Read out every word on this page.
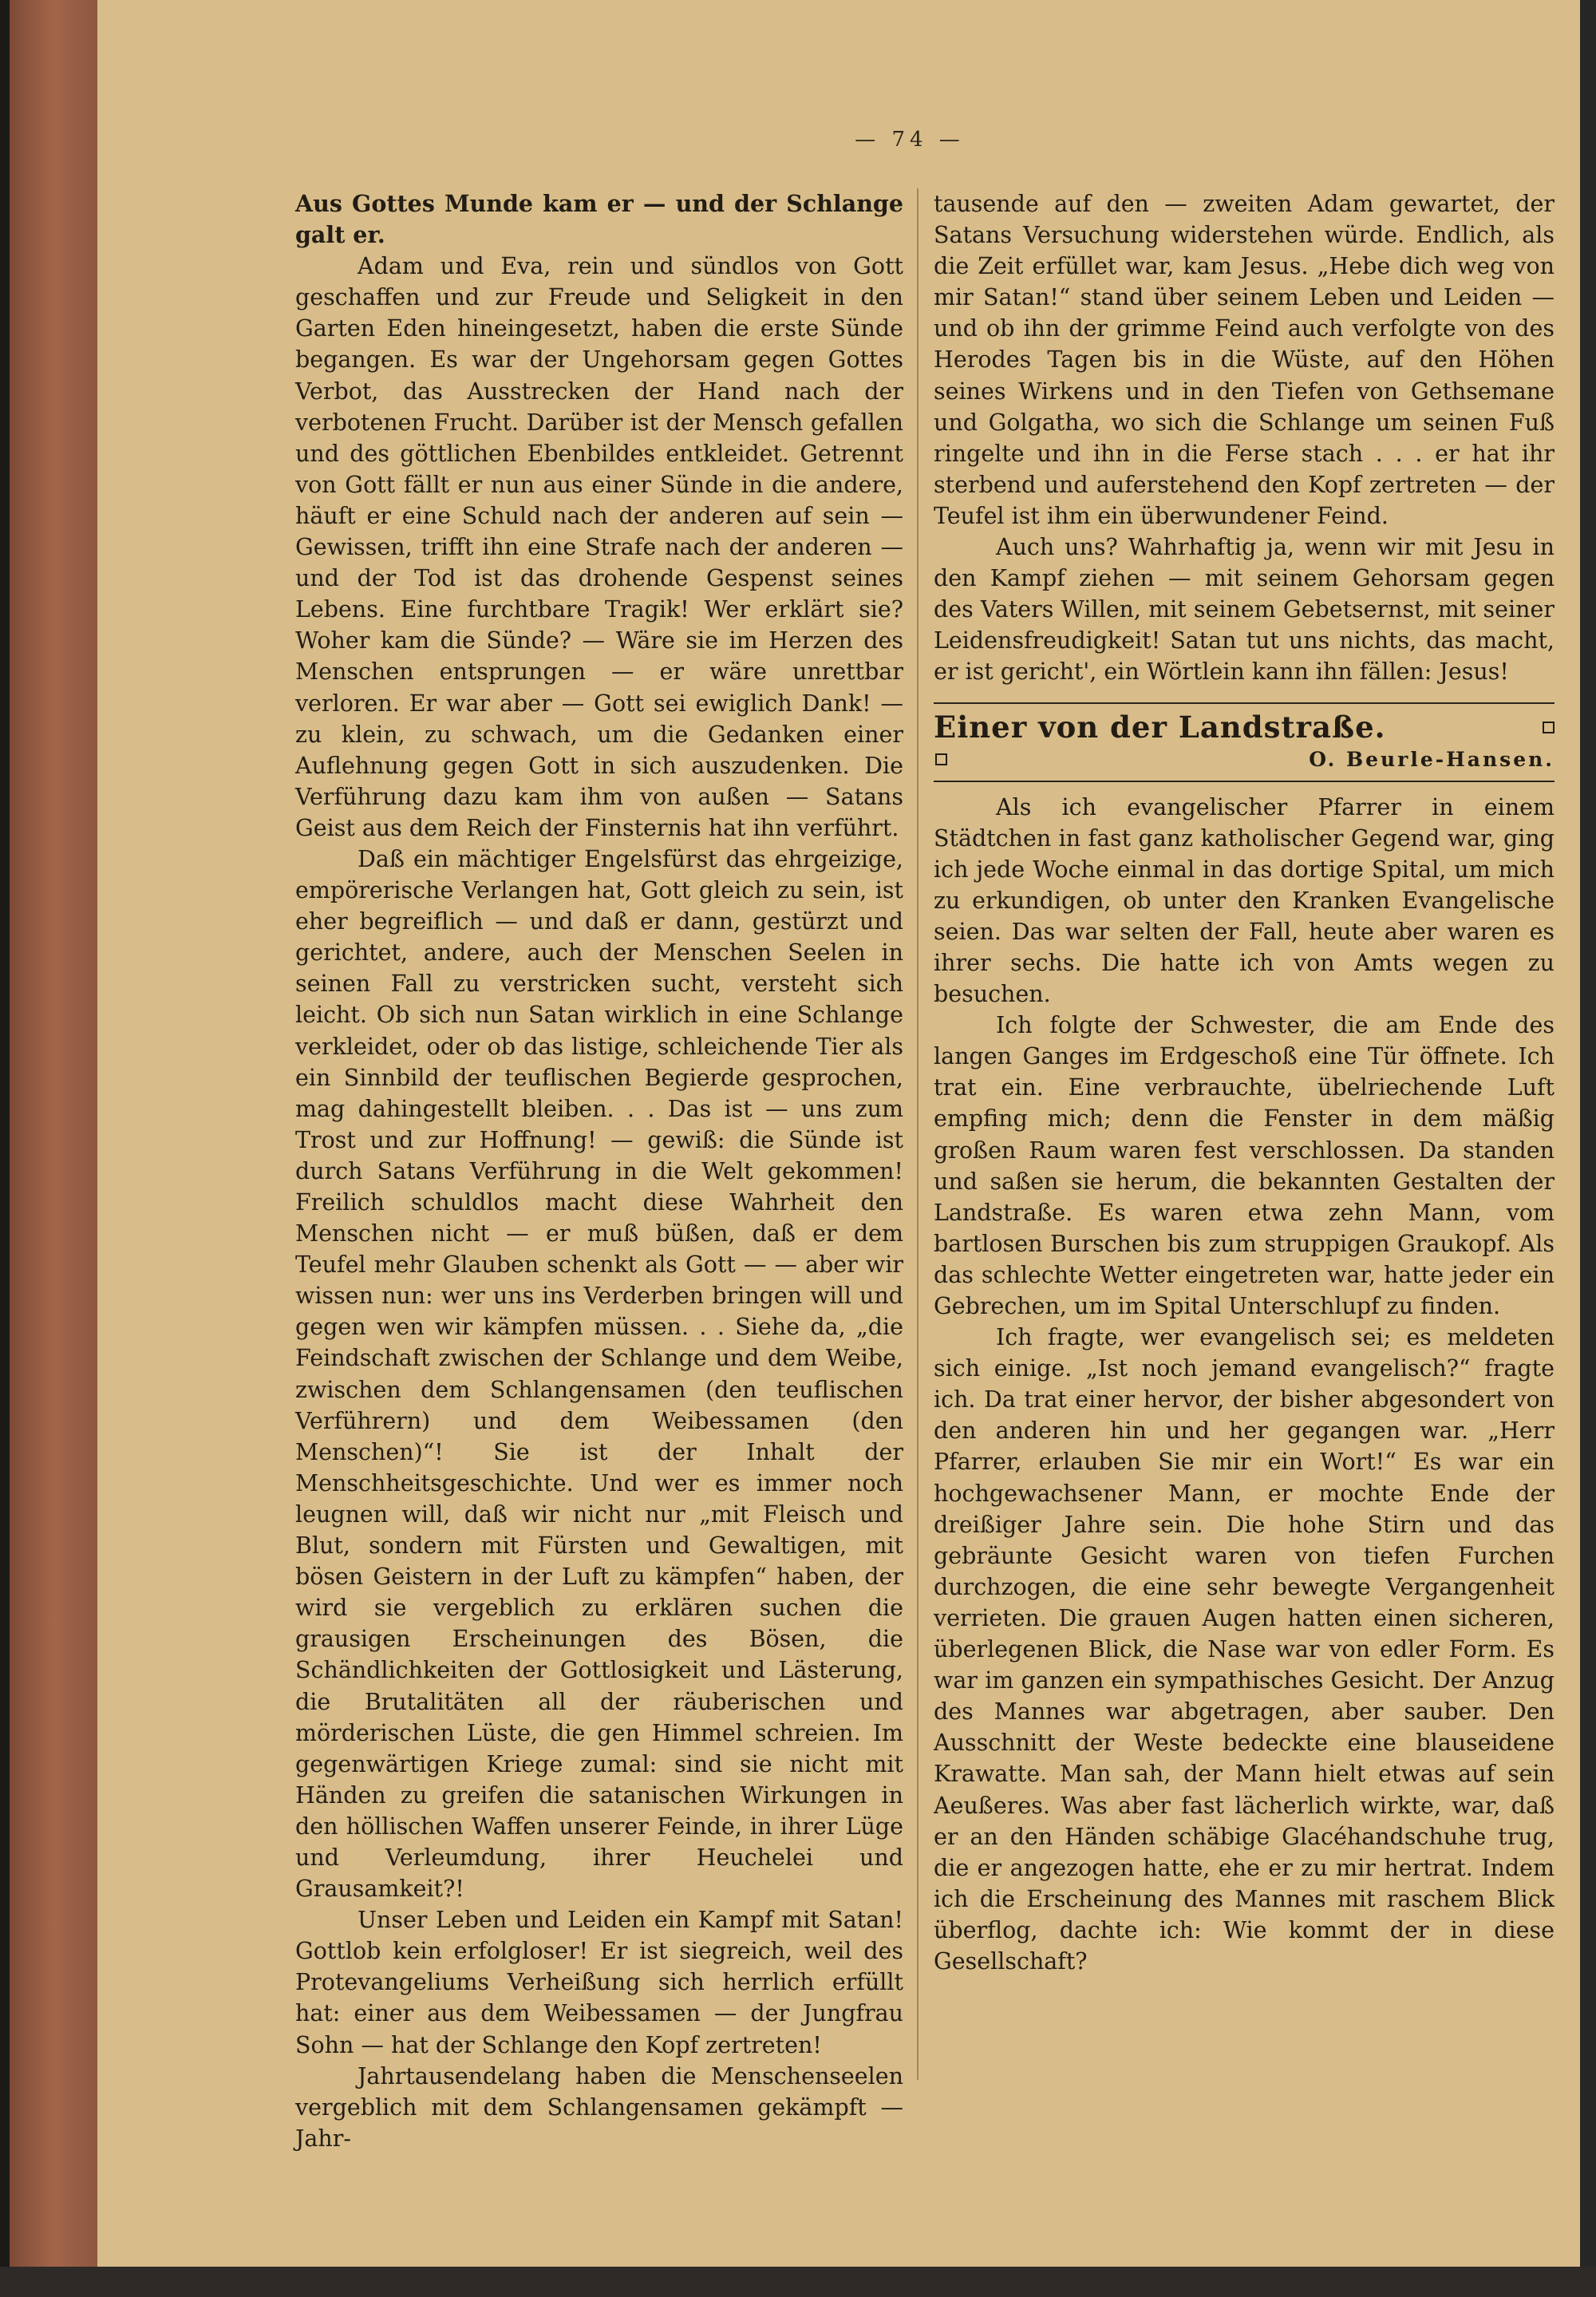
— 74 —

Aus Gottes Munde kam er — und der Schlange galt er.

Adam und Eva, rein und sündlos von Gott geschaffen und zur Freude und Seligkeit in den Garten Eden hineingesetzt, haben die erste Sünde begangen. Es war der Ungehorsam gegen Gottes Verbot, das Ausstrecken der Hand nach der verbotenen Frucht. Darüber ist der Mensch gefallen und des göttlichen Ebenbildes entkleidet. Getrennt von Gott fällt er nun aus einer Sünde in die andere, häuft er eine Schuld nach der anderen auf sein — Gewissen, trifft ihn eine Strafe nach der anderen — und der Tod ist das drohende Gespenst seines Lebens. Eine furchtbare Tragik! Wer erklärt sie? Woher kam die Sünde? — Wäre sie im Herzen des Menschen entsprungen — er wäre unrettbar verloren. Er war aber — Gott sei ewiglich Dank! — zu klein, zu schwach, um die Gedanken einer Auflehnung gegen Gott in sich auszudenken. Die Verführung dazu kam ihm von außen — Satans Geist aus dem Reich der Finsternis hat ihn verführt.

Daß ein mächtiger Engelsfürst das ehrgeizige, empörerische Verlangen hat, Gott gleich zu sein, ist eher begreiflich — und daß er dann, gestürzt und gerichtet, andere, auch der Menschen Seelen in seinen Fall zu verstricken sucht, versteht sich leicht. Ob sich nun Satan wirklich in eine Schlange verkleidet, oder ob das listige, schleichende Tier als ein Sinnbild der teuflischen Begierde gesprochen, mag dahingestellt bleiben. . . Das ist — uns zum Trost und zur Hoffnung! — gewiß: die Sünde ist durch Satans Verführung in die Welt gekommen! Freilich schuldlos macht diese Wahrheit den Menschen nicht — er muß büßen, daß er dem Teufel mehr Glauben schenkt als Gott — — aber wir wissen nun: wer uns ins Verderben bringen will und gegen wen wir kämpfen müssen. . . Siehe da, „die Feindschaft zwischen der Schlange und dem Weibe, zwischen dem Schlangensamen (den teuflischen Verführern) und dem Weibessamen (den Menschen)“! Sie ist der Inhalt der Menschheitsgeschichte. Und wer es immer noch leugnen will, daß wir nicht nur „mit Fleisch und Blut, sondern mit Fürsten und Gewaltigen, mit bösen Geistern in der Luft zu kämpfen“ haben, der wird sie vergeblich zu erklären suchen die grausigen Erscheinungen des Bösen, die Schändlichkeiten der Gottlosigkeit und Lästerung, die Brutalitäten all der räuberischen und mörderischen Lüste, die gen Himmel schreien. Im gegenwärtigen Kriege zumal: sind sie nicht mit Händen zu greifen die satanischen Wirkungen in den höllischen Waffen unserer Feinde, in ihrer Lüge und Verleumdung, ihrer Heuchelei und Grausamkeit?!

Unser Leben und Leiden ein Kampf mit Satan! Gottlob kein erfolgloser! Er ist siegreich, weil des Protevangeliums Verheißung sich herrlich erfüllt hat: einer aus dem Weibessamen — der Jungfrau Sohn — hat der Schlange den Kopf zertreten!

Jahrtausendelang haben die Menschenseelen vergeblich mit dem Schlangensamen gekämpft — Jahr-

tausende auf den — zweiten Adam gewartet, der Satans Versuchung widerstehen würde. Endlich, als die Zeit erfüllet war, kam Jesus. „Hebe dich weg von mir Satan!“ stand über seinem Leben und Leiden — und ob ihn der grimme Feind auch verfolgte von des Herodes Tagen bis in die Wüste, auf den Höhen seines Wirkens und in den Tiefen von Gethsemane und Golgatha, wo sich die Schlange um seinen Fuß ringelte und ihn in die Ferse stach . . . er hat ihr sterbend und auferstehend den Kopf zertreten — der Teufel ist ihm ein überwundener Feind.

Auch uns? Wahrhaftig ja, wenn wir mit Jesu in den Kampf ziehen — mit seinem Gehorsam gegen des Vaters Willen, mit seinem Gebetsernst, mit seiner Leidensfreudigkeit! Satan tut uns nichts, das macht, er ist gericht', ein Wörtlein kann ihn fällen: Jesus!

Einer von der Landstraße.
O. Beurle-Hansen.

Als ich evangelischer Pfarrer in einem Städtchen in fast ganz katholischer Gegend war, ging ich jede Woche einmal in das dortige Spital, um mich zu erkundigen, ob unter den Kranken Evangelische seien. Das war selten der Fall, heute aber waren es ihrer sechs. Die hatte ich von Amts wegen zu besuchen.

Ich folgte der Schwester, die am Ende des langen Ganges im Erdgeschoß eine Tür öffnete. Ich trat ein. Eine verbrauchte, übelriechende Luft empfing mich; denn die Fenster in dem mäßig großen Raum waren fest verschlossen. Da standen und saßen sie herum, die bekannten Gestalten der Landstraße. Es waren etwa zehn Mann, vom bartlosen Burschen bis zum struppigen Graukopf. Als das schlechte Wetter eingetreten war, hatte jeder ein Gebrechen, um im Spital Unterschlupf zu finden.

Ich fragte, wer evangelisch sei; es meldeten sich einige. „Ist noch jemand evangelisch?“ fragte ich. Da trat einer hervor, der bisher abgesondert von den anderen hin und her gegangen war. „Herr Pfarrer, erlauben Sie mir ein Wort!“ Es war ein hochgewachsener Mann, er mochte Ende der dreißiger Jahre sein. Die hohe Stirn und das gebräunte Gesicht waren von tiefen Furchen durchzogen, die eine sehr bewegte Vergangenheit verrieten. Die grauen Augen hatten einen sicheren, überlegenen Blick, die Nase war von edler Form. Es war im ganzen ein sympathisches Gesicht. Der Anzug des Mannes war abgetragen, aber sauber. Den Ausschnitt der Weste bedeckte eine blauseidene Krawatte. Man sah, der Mann hielt etwas auf sein Aeußeres. Was aber fast lächerlich wirkte, war, daß er an den Händen schäbige Glacéhandschuhe trug, die er angezogen hatte, ehe er zu mir hertrat. Indem ich die Erscheinung des Mannes mit raschem Blick überflog, dachte ich: Wie kommt der in diese Gesellschaft?
